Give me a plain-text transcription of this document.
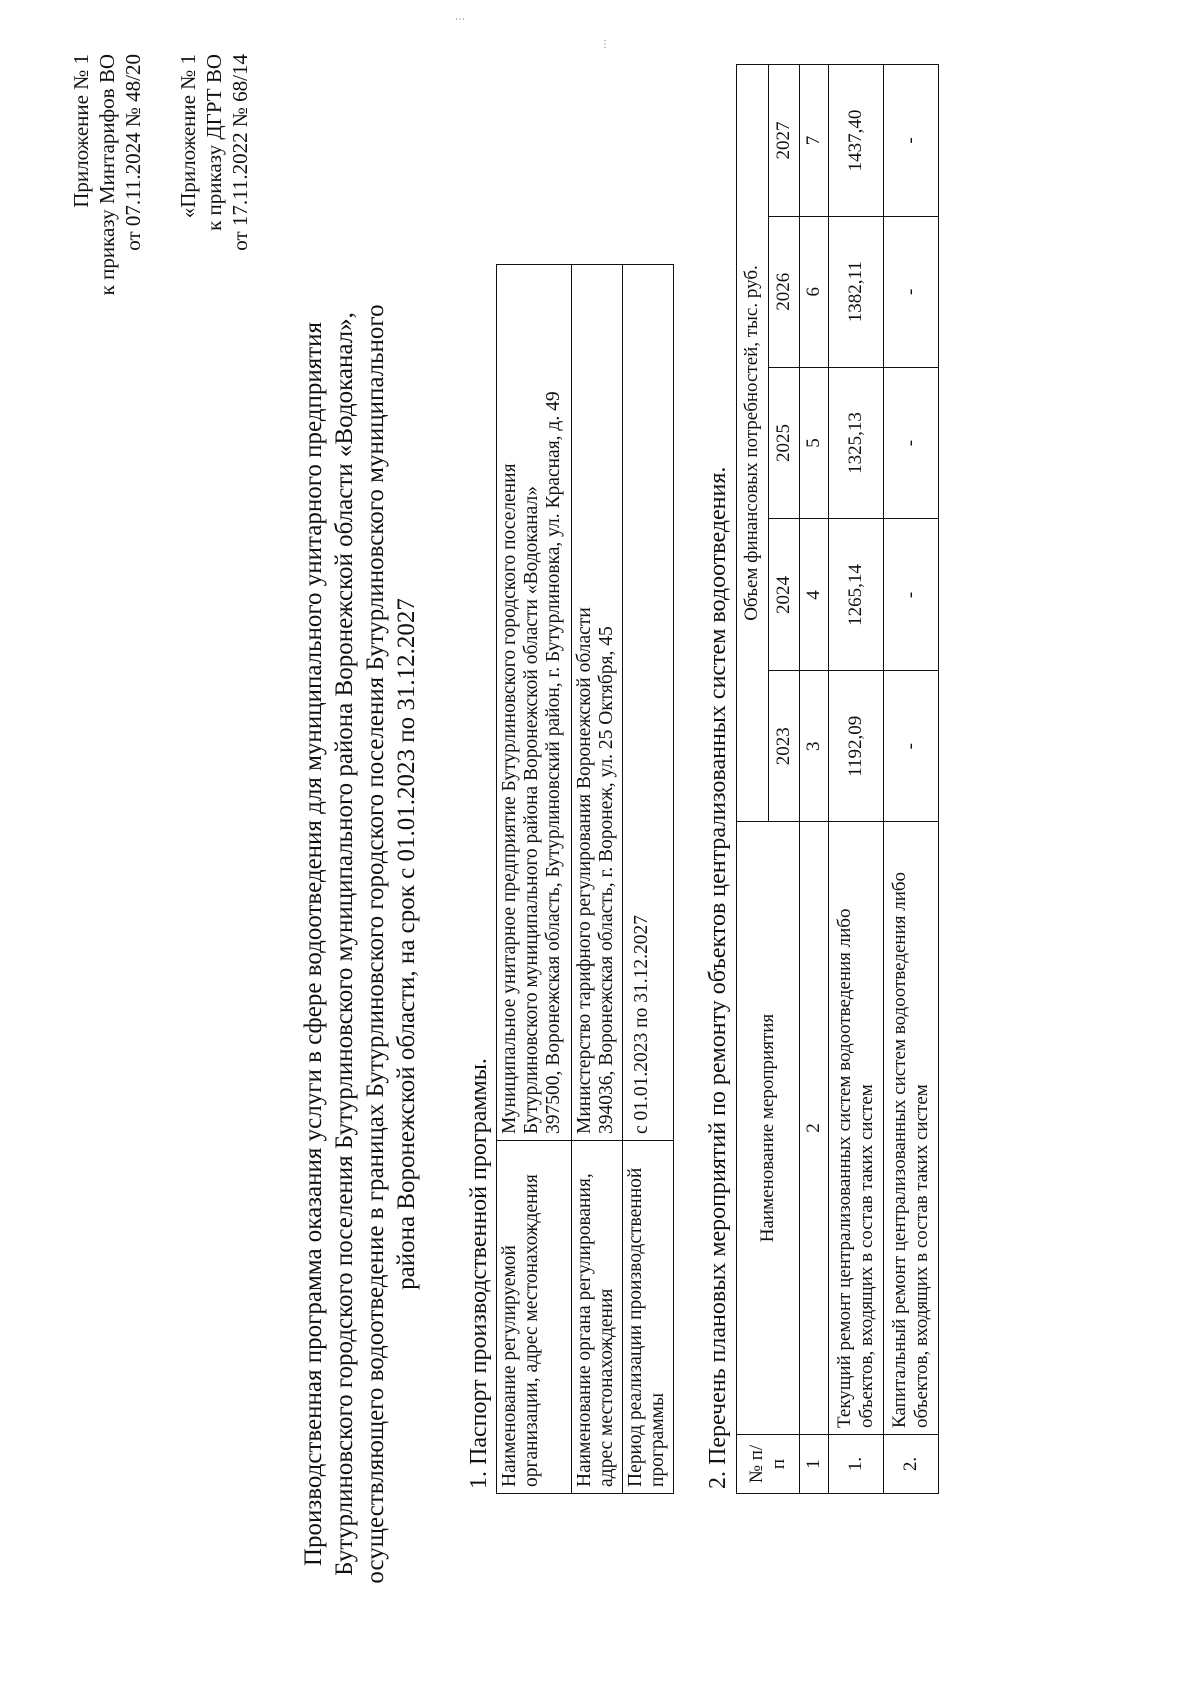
Приложение № 1 к приказу Минтарифов ВО от 07.11.2024 № 48/20 «Приложение № 1 к приказу ДГРТ ВО от 17.11.2022 № 68/14
Производственная программа оказания услуги в сфере водоотведения для муниципального унитарного предприятия Бутурлиновского городского поселения Бутурлиновского муниципального района Воронежской области «Водоканал», осуществляющего водоотведение в границах Бутурлиновского городского поселения Бутурлиновского муниципального района Воронежской области, на срок с 01.01.2023 по 31.12.2027 1. Паспорт производственной программы. Наименование регулируемой организации, адрес местонахождения	Муниципальное унитарное предприятие Бутурлиновского городского поселения Бутурлиновского муниципального района Воронежской области «Водоканал» 397500, Воронежская область, Бутурлиновский район, г. Бутурлиновка, ул. Красная, д. 49

Наименование органа регулирования, адрес местонахождения	Министерство тарифного регулирования Воронежской области 394036, Воронежская область, г. Воронеж, ул. 25 Октября, 45

Период реализации производственной программы	с 01.01.2023 по 31.12.2027 2. Перечень плановых мероприятий по ремонту объектов централизованных систем водоотведения. № п/п	Наименование мероприятия	Объем финансовых потребностей, тыс. руб.				
		2023	2024	2025	2026	2027
1	2	3	4	5	6	7
1.	Текущий ремонт централизованных систем водоотведения либо объектов, входящих в состав таких систем	1192,09	1265,14	1325,13	1382,11	1437,40
2.	Капитальный ремонт централизованных систем водоотведения либо объектов, входящих в состав таких систем	-	-	-	-	-
⋮
⋯
